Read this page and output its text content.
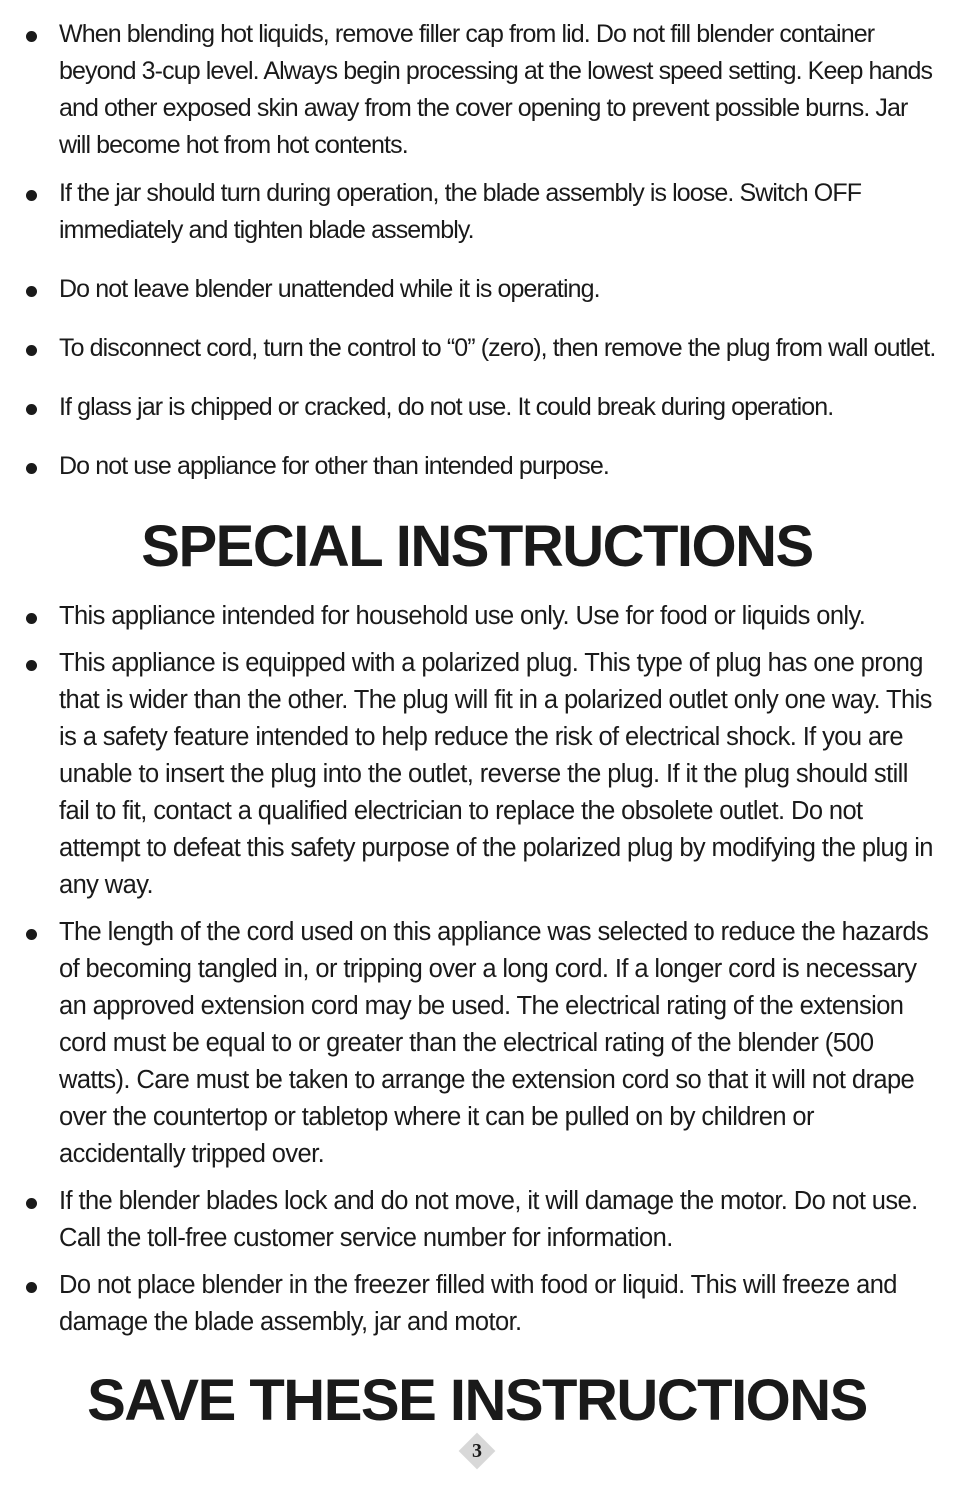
When blending hot liquids, remove filler cap from lid. Do not fill blender container beyond 3-cup level. Always begin processing at the lowest speed setting. Keep hands and other exposed skin away from the cover opening to prevent possible burns. Jar will become hot from hot contents.
If the jar should turn during operation, the blade assembly is loose. Switch OFF immediately and tighten blade assembly.
Do not leave blender unattended while it is operating.
To disconnect cord, turn the control to “0” (zero), then remove the plug from wall outlet.
If glass jar is chipped or cracked, do not use. It could break during operation.
Do not use appliance for other than intended purpose.
SPECIAL INSTRUCTIONS
This appliance intended for household use only. Use for food or liquids only.
This appliance is equipped with a polarized plug. This type of plug has one prong that is wider than the other. The plug will fit in a polarized outlet only one way. This is a safety feature intended to help reduce the risk of electrical shock. If you are unable to insert the plug into the outlet, reverse the plug. If it the plug should still fail to fit, contact a qualified electrician to replace the obsolete outlet. Do not attempt to defeat this safety purpose of the polarized plug by modifying the plug in any way.
The length of the cord used on this appliance was selected to reduce the hazards of becoming tangled in, or tripping over a long cord. If a longer cord is necessary an approved extension cord may be used. The electrical rating of the extension cord must be equal to or greater than the electrical rating of the blender (500 watts). Care must be taken to arrange the extension cord so that it will not drape over the countertop or tabletop where it can be pulled on by children or accidentally tripped over.
If the blender blades lock and do not move, it will damage the motor. Do not use. Call the toll-free customer service number for information.
Do not place blender in the freezer filled with food or liquid. This will freeze and damage the blade assembly, jar and motor.
SAVE THESE INSTRUCTIONS
3
